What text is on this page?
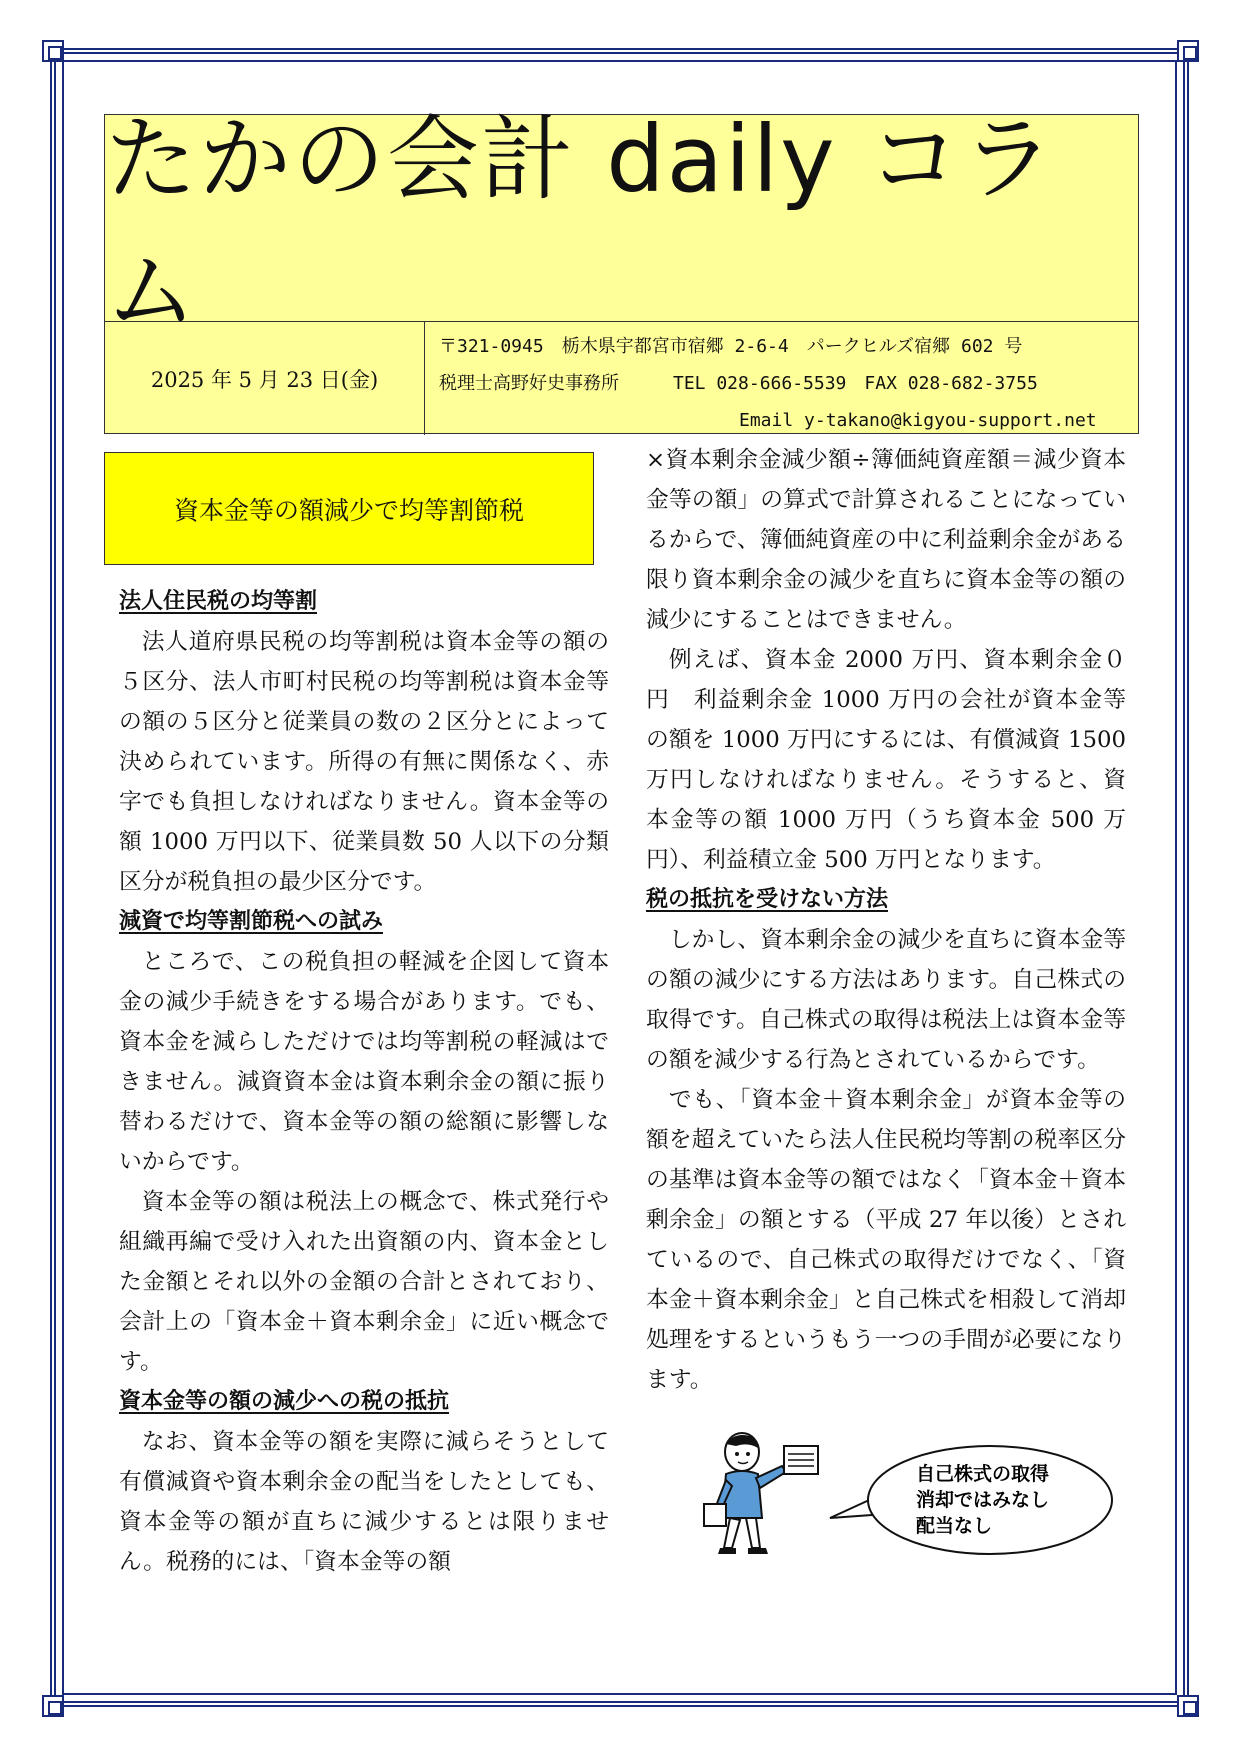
たかの会計 daily コラム
2025 年 5 月 23 日(金)
〒321-0945　栃木県宇都宮市宿郷 2-6-4　パークヒルズ宿郷 602 号
税理士高野好史事務所　　　TEL 028-666-5539　FAX 028-682-3755
Email y-takano@kigyou-support.net
資本金等の額減少で均等割節税
法人住民税の均等割

法人道府県民税の均等割税は資本金等の額の５区分、法人市町村民税の均等割税は資本金等の額の５区分と従業員の数の２区分とによって決められています。所得の有無に関係なく、赤字でも負担しなければなりません。資本金等の額 1000 万円以下、従業員数 50 人以下の分類区分が税負担の最少区分です。

減資で均等割節税への試み

ところで、この税負担の軽減を企図して資本金の減少手続きをする場合があります。でも、資本金を減らしただけでは均等割税の軽減はできません。減資資本金は資本剰余金の額に振り替わるだけで、資本金等の額の総額に影響しないからです。

資本金等の額は税法上の概念で、株式発行や組織再編で受け入れた出資額の内、資本金とした金額とそれ以外の金額の合計とされており、会計上の「資本金＋資本剰余金」に近い概念です。

資本金等の額の減少への税の抵抗

なお、資本金等の額を実際に減らそうとして有償減資や資本剰余金の配当をしたとしても、資本金等の額が直ちに減少するとは限りません。税務的には、「資本金等の額

×資本剰余金減少額÷簿価純資産額＝減少資本金等の額」の算式で計算されることになっているからで、簿価純資産の中に利益剰余金がある限り資本剰余金の減少を直ちに資本金等の額の減少にすることはできません。

例えば、資本金 2000 万円、資本剰余金０円　利益剰余金 1000 万円の会社が資本金等の額を 1000 万円にするには、有償減資 1500 万円しなければなりません。そうすると、資本金等の額 1000 万円（うち資本金 500 万円）、利益積立金 500 万円となります。

税の抵抗を受けない方法

しかし、資本剰余金の減少を直ちに資本金等の額の減少にする方法はあります。自己株式の取得です。自己株式の取得は税法上は資本金等の額を減少する行為とされているからです。

でも、「資本金＋資本剰余金」が資本金等の額を超えていたら法人住民税均等割の税率区分の基準は資本金等の額ではなく「資本金＋資本剰余金」の額とする（平成 27 年以後）とされているので、自己株式の取得だけでなく、「資本金＋資本剰余金」と自己株式を相殺して消却処理をするというもう一つの手間が必要になります。

自己株式の取得
消却ではみなし
配当なし
